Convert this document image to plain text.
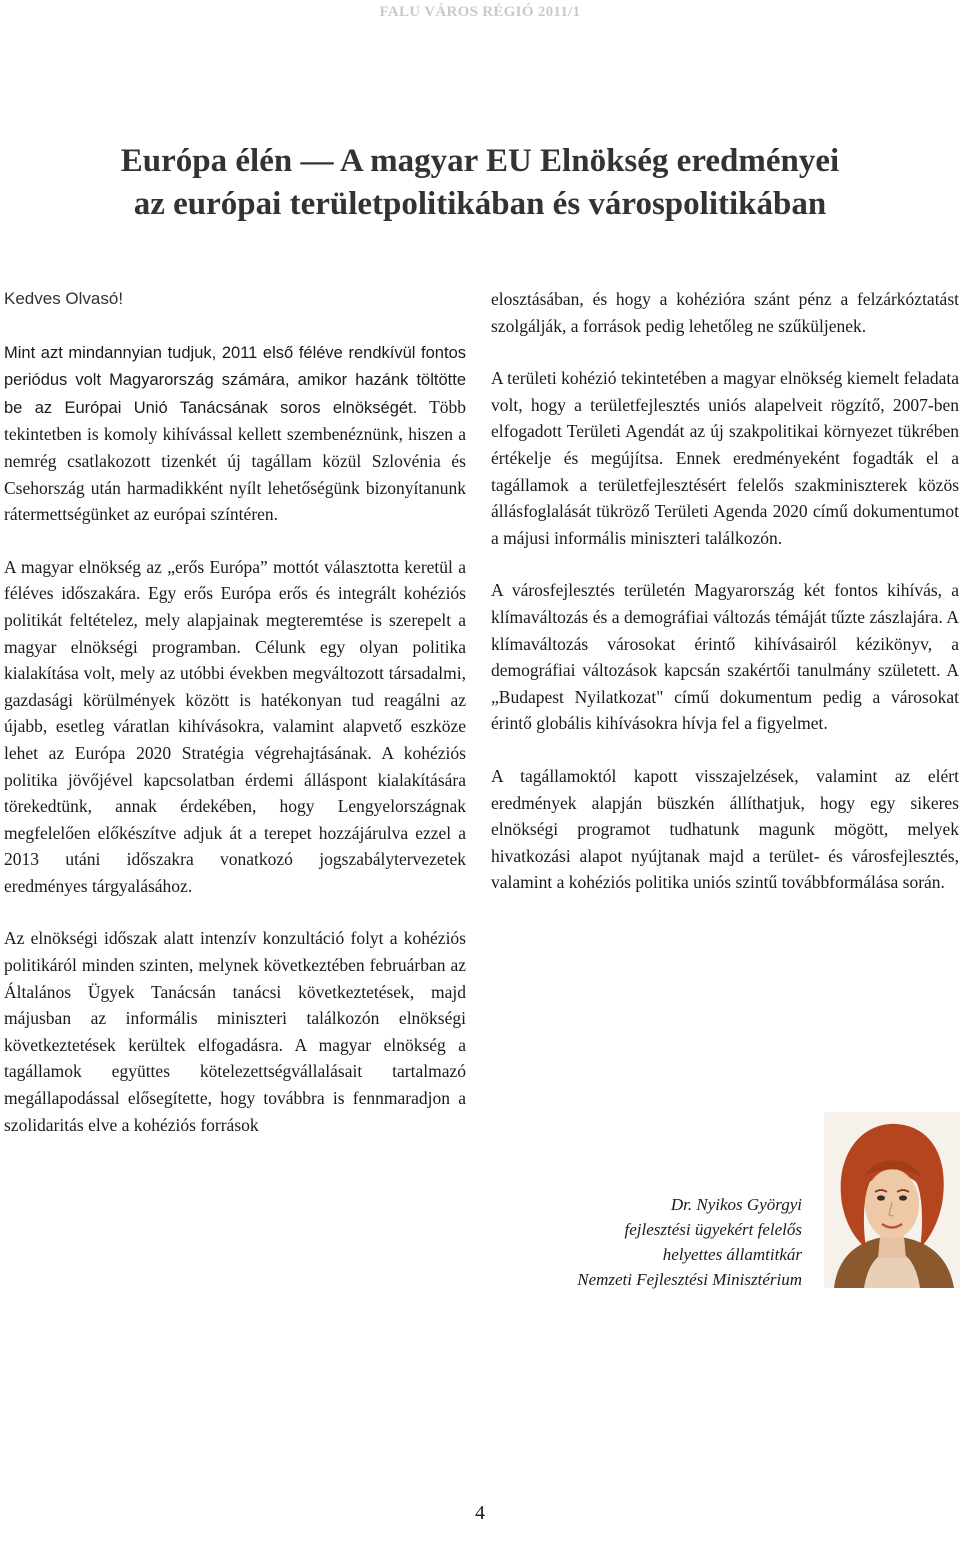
FALU VÁROS RÉGIÓ 2011/1
Európa élén — A magyar EU Elnökség eredményei
az európai területpolitikában és várospolitikában

Kedves Olvasó!

Mint azt mindannyian tudjuk, 2011 első féléve rendkívül fontos periódus volt Magyarország számára, amikor hazánk töltötte be az Európai Unió Tanácsának soros elnökségét. Több tekintetben is komoly kihívással kellett szembenéznünk, hiszen a nemrég csatlakozott tizenkét új tagállam közül Szlovénia és Csehország után harmadikként nyílt lehetőségünk bizonyítanunk rátermettségünket az európai színtéren.

A magyar elnökség az „erős Európa” mottót választotta keretül a féléves időszakára. Egy erős Európa erős és integrált kohéziós politikát feltételez, mely alapjainak megteremtése is szerepelt a magyar elnökségi programban. Célunk egy olyan politika kialakítása volt, mely az utóbbi években megváltozott társadalmi, gazdasági körülmények között is hatékonyan tud reagálni az újabb, esetleg váratlan kihívásokra, valamint alapvető eszköze lehet az Európa 2020 Stratégia végrehajtásának. A kohéziós politika jövőjével kapcsolatban érdemi álláspont kialakítására törekedtünk, annak érdekében, hogy Lengyelországnak megfelelően előkészítve adjuk át a terepet hozzájárulva ezzel a 2013 utáni időszakra vonatkozó jogszabálytervezetek eredményes tárgyalásához.

Az elnökségi időszak alatt intenzív konzultáció folyt a kohéziós politikáról minden szinten, melynek következtében februárban az Általános Ügyek Tanácsán tanácsi következtetések, majd májusban az informális miniszteri találkozón elnökségi következtetések kerültek elfogadásra. A magyar elnökség a tagállamok együttes kötelezettségvállalásait tartalmazó megállapodással elősegítette, hogy továbbra is fennmaradjon a szolidaritás elve a kohéziós források

elosztásában, és hogy a kohézióra szánt pénz a felzárkóztatást szolgálják, a források pedig lehetőleg ne szűküljenek.

A területi kohézió tekintetében a magyar elnökség kiemelt feladata volt, hogy a területfejlesztés uniós alapelveit rögzítő, 2007-ben elfogadott Területi Agendát az új szakpolitikai környezet tükrében értékelje és megújítsa. Ennek eredményeként fogadták el a tagállamok a területfejlesztésért felelős szakminiszterek közös állásfoglalását tükröző Területi Agenda 2020 című dokumentumot a májusi informális miniszteri találkozón.

A városfejlesztés területén Magyarország két fontos kihívás, a klímaváltozás és a demográfiai változás témáját tűzte zászlajára. A klímaváltozás városokat érintő kihívásairól kézikönyv, a demográfiai változások kapcsán szakértői tanulmány született. A „Budapest Nyilatkozat" című dokumentum pedig a városokat érintő globális kihívásokra hívja fel a figyelmet.

A tagállamoktól kapott visszajelzések, valamint az elért eredmények alapján büszkén állíthatjuk, hogy egy sikeres elnökségi programot tudhatunk magunk mögött, melyek hivatkozási alapot nyújtanak majd a terület- és városfejlesztés, valamint a kohéziós politika uniós szintű továbbformálása során.

Dr. Nyikos Györgyi
fejlesztési ügyekért felelős
helyettes államtitkár
Nemzeti Fejlesztési Minisztérium
4
